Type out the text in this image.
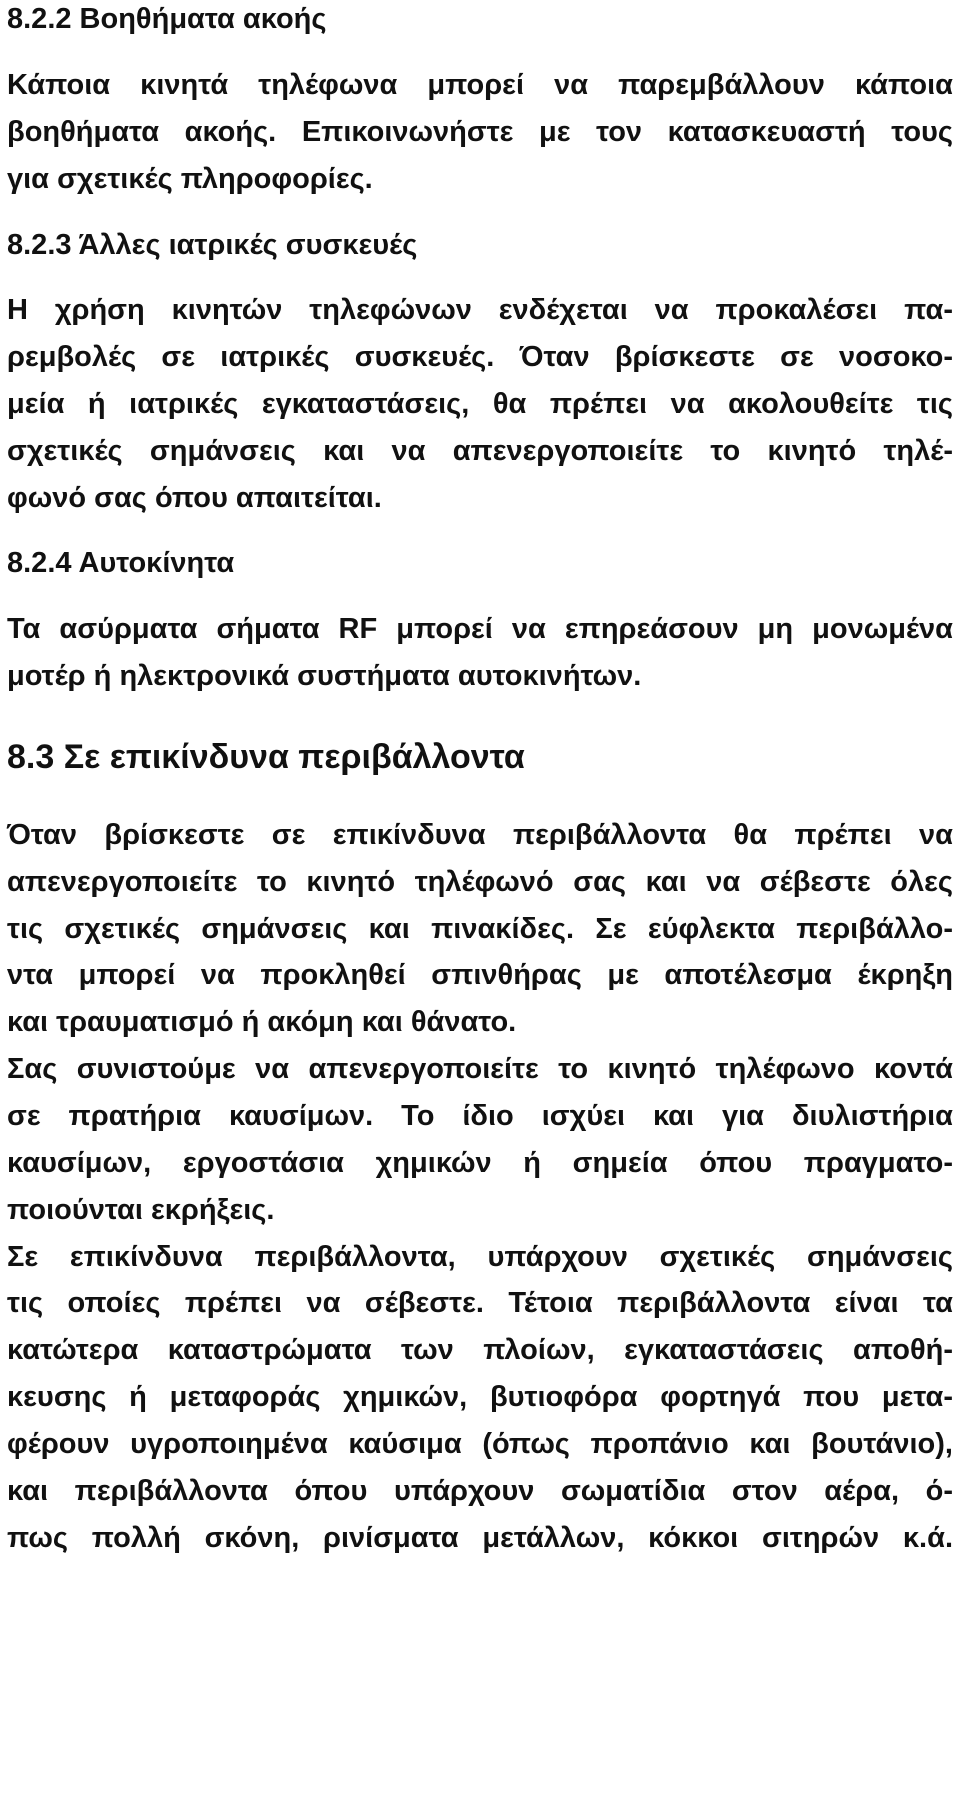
8.2.2 Βοηθήματα ακοής

Κάποια κινητά τηλέφωνα μπορεί να παρεμβάλλουν κάποια

βοηθήματα ακοής. Επικοινωνήστε με τον κατασκευαστή τους

για σχετικές πληροφορίες.

8.2.3 Άλλες ιατρικές συσκευές

Η χρήση κινητών τηλεφώνων ενδέχεται να προκαλέσει πα-

ρεμβολές σε ιατρικές συσκευές. Όταν βρίσκεστε σε νοσοκο-

μεία ή ιατρικές εγκαταστάσεις, θα πρέπει να ακολουθείτε τις

σχετικές σημάνσεις και να απενεργοποιείτε το κινητό τηλέ-

φωνό σας όπου απαιτείται.

8.2.4 Αυτοκίνητα

Τα ασύρματα σήματα RF μπορεί να επηρεάσουν μη μονωμένα

μοτέρ ή ηλεκτρονικά συστήματα αυτοκινήτων.

8.3 Σε επικίνδυνα περιβάλλοντα

Όταν βρίσκεστε σε επικίνδυνα περιβάλλοντα θα πρέπει να

απενεργοποιείτε το κινητό τηλέφωνό σας και να σέβεστε όλες

τις σχετικές σημάνσεις και πινακίδες. Σε εύφλεκτα περιβάλλο-

ντα μπορεί να προκληθεί σπινθήρας με αποτέλεσμα έκρηξη

και τραυματισμό ή ακόμη και θάνατο.

Σας συνιστούμε να απενεργοποιείτε το κινητό τηλέφωνο κοντά

σε πρατήρια καυσίμων. Το ίδιο ισχύει και για διυλιστήρια

καυσίμων, εργοστάσια χημικών ή σημεία όπου πραγματο-

ποιούνται εκρήξεις.

Σε επικίνδυνα περιβάλλοντα, υπάρχουν σχετικές σημάνσεις

τις οποίες πρέπει να σέβεστε. Τέτοια περιβάλλοντα είναι τα

κατώτερα καταστρώματα των πλοίων, εγκαταστάσεις αποθή-

κευσης ή μεταφοράς χημικών, βυτιοφόρα φορτηγά που μετα-

φέρουν υγροποιημένα καύσιμα (όπως προπάνιο και βουτάνιο),

και περιβάλλοντα όπου υπάρχουν σωματίδια στον αέρα, ό-

πως πολλή σκόνη, ρινίσματα μετάλλων, κόκκοι σιτηρών κ.ά.
